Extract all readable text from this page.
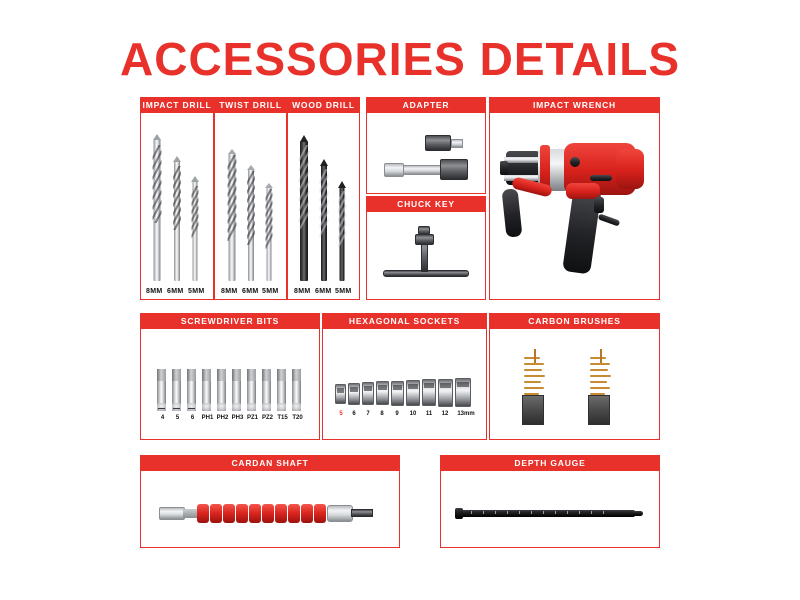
ACCESSORIES DETAILS
IMPACT DRILL
8MM 6MM 5MM
TWIST DRILL
8MM 6MM 5MM
WOOD DRILL
8MM 6MM 5MM
ADAPTER
CHUCK KEY
IMPACT WRENCH
SCREWDRIVER BITS
4	5	6	PH1 PH2 PH3 PZ1 PZ2 T15 T20
HEXAGONAL SOCKETS
5	6	7	8	9	10	11	12	13mm
CARBON BRUSHES
CARDAN SHAFT	DEPTH GAUGE
